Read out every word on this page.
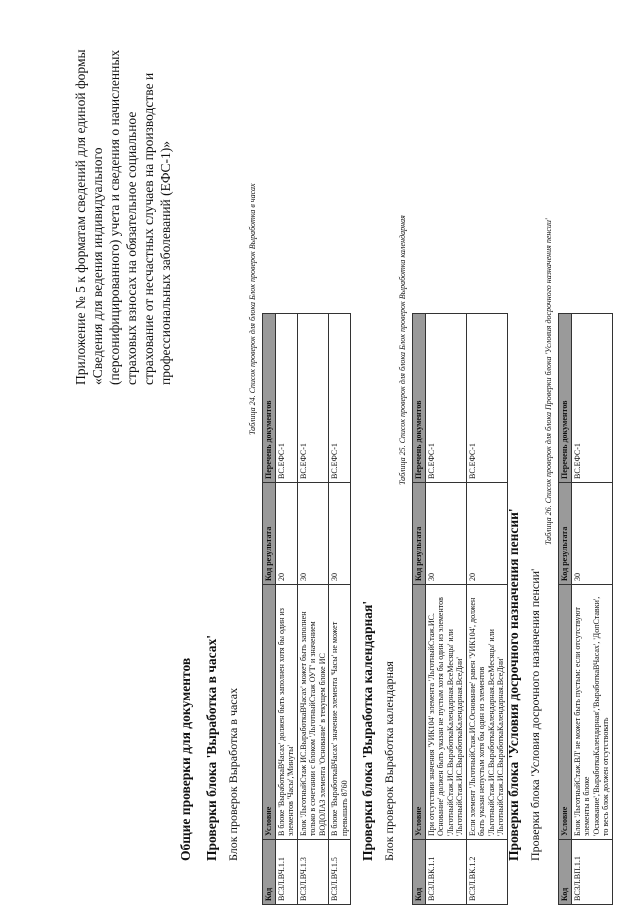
Приложение № 5 к форматам сведений для единой формы «Сведения для ведения индивидуального (персонифицированного) учета и сведения о начисленных страховых взносах на обязательное социальное страхование от несчастных случаев на производстве и профессиональных заболеваний (ЕФС-1)»
Общие проверки для документов Проверки блока 'Выработка в часах' Блок проверок Выработка в часах
Таблица 24. Список проверок для блока Блок проверок Выработка в часах
Код	Условие	Код результата	Перечень документов
ВСЗЛ.ВЧ.1.1	В блоке 'ВыработкаВЧасах' должен быть заполнен хотя бы один из элементов 'Часы','Минуты'	20	ВС.ЕФС-1
ВСЗЛ.ВЧ.1.3	Блок 'ЛьготныйСтаж ИС.ВыработкаВЧасах' может быть заполнен только в сочетании с блоком 'ЛьготныйСтаж ОУТ' и значением ВОДОЛАЗ элемента 'Основание' в текущем блоке ИС	30	ВС.ЕФС-1
ВСЗЛ.ВЧ.1.5	В блоке 'ВыработкаВЧасах' значение элемента 'Часы' не может превышать 8760	30	ВС.ЕФС-1
Проверки блока 'Выработка календарная' Блок проверок Выработка календарная
Таблица 25. Список проверок для блока Блок проверок Выработка календарная
Код	Условие	Код результата	Перечень документов
ВСЗЛ.ВК.1.1	При отсутствии значения 'УИК104' элемента 'ЛьготныйСтаж.ИС. Основание' должен быть указан не пустым хотя бы один из элементов 'ЛьготныйСтаж.ИС.ВыработкаКалендарная.ВсеМесяцы' или 'ЛьготныйСтаж.ИС.ВыработкаКалендарная.ВсеДни'	30	ВС.ЕФС-1
ВСЗЛ.ВК.1.2	Если элемент 'ЛьготныйСтаж.ИС.Основание' равен 'УИК104', должен быть указан непустым хотя бы один из элементов 'ЛьготныйСтаж.ИС.ВыработкаКалендарная.ВсеМесяцы' или 'ЛьготныйСтаж.ИС.ВыработкаКалендарная.ВсеДни'	20	ВС.ЕФС-1
Проверки блока 'Условия досрочного назначения пенсии' Проверки блока 'Условия досрочного назначения пенсии'
Таблица 26. Список проверок для блока Проверки блока 'Условия досрочного назначения пенсии'
Код	Условие	Код результата	Перечень документов
ВСЗЛ.ВП.1.1	Блок 'ЛьготныйСтаж.ВЛ' не может быть пустым: если отсутствуют элементы в блоке 'Основание','ВыработкаКалендарная','ВыработкаВЧасах', 'ДопСтавки', то весь блок должен отсутствовать	30	ВС.ЕФС-1
